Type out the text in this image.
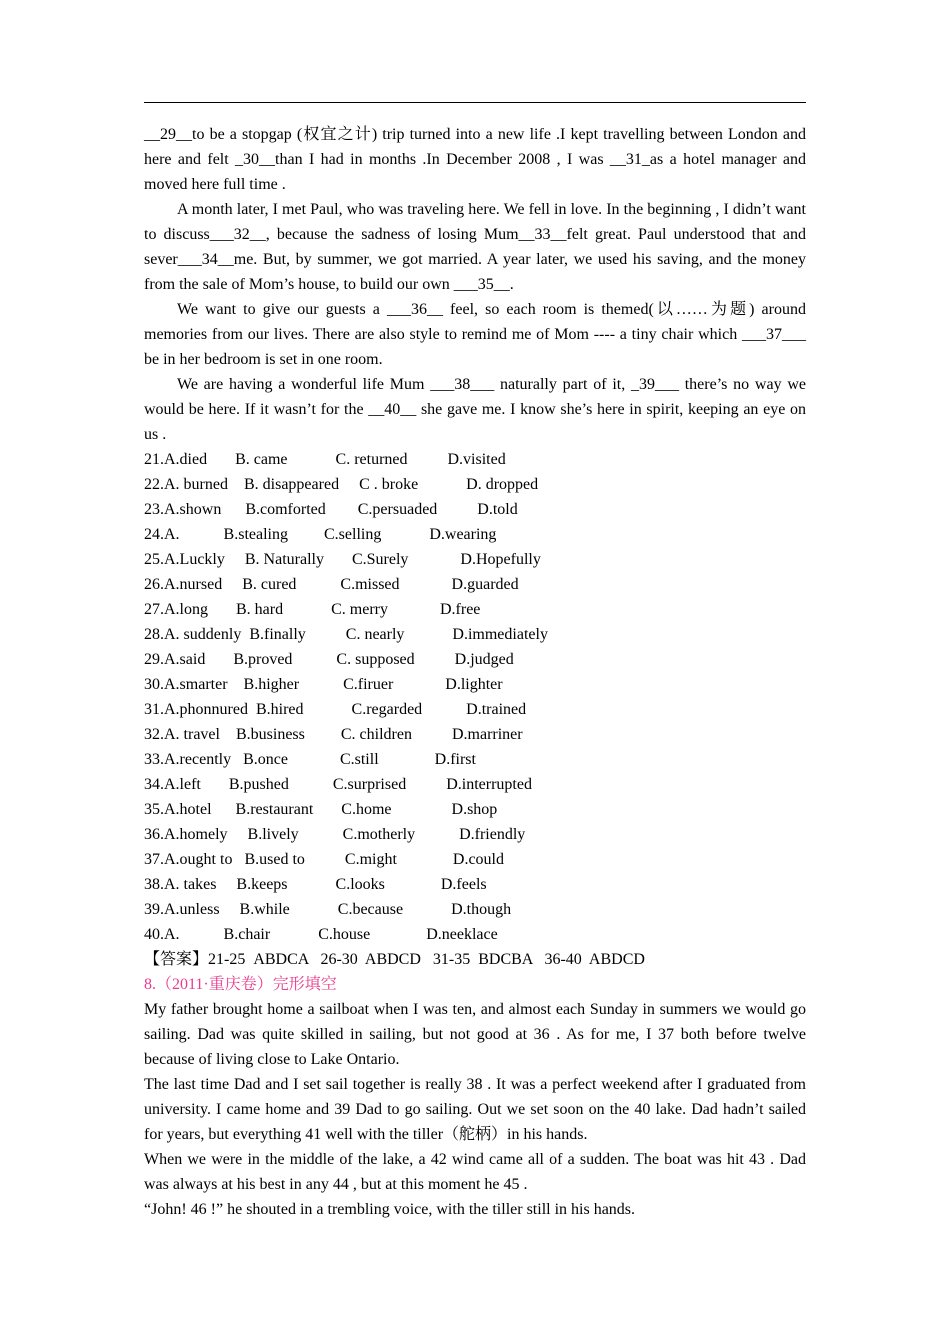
__29__to be a stopgap (权宜之计) trip turned into a new life .I kept travelling between London and here and felt _30__than I had in months .In December 2008 , I was __31_as a hotel manager and moved here full time .

A month later, I met Paul, who was traveling here. We fell in love. In the beginning , I didn’t want to discuss___32__, because the sadness of losing Mum__33__felt great. Paul understood that and sever___34__me. But, by summer, we got married. A year later, we used his saving, and the money from the sale of Mom’s house, to build our own ___35__.

We want to give our guests a ___36__ feel, so each room is themed(以……为题) around memories from our lives. There are also style to remind me of Mom ---- a tiny chair which ___37___ be in her bedroom is set in one room.

We are having a wonderful life Mum ___38___ naturally part of it, _39___ there’s no way we would be here. If it wasn’t for the __40__ she gave me. I know she’s here in spirit, keeping an eye on us .

21.A.died       B. came            C. returned          D.visited

22.A. burned    B. disappeared     C . broke            D. dropped

23.A.shown      B.comforted        C.persuaded          D.told

24.A.           B.stealing         C.selling            D.wearing

25.A.Luckly     B. Naturally       C.Surely             D.Hopefully

26.A.nursed     B. cured           C.missed             D.guarded

27.A.long       B. hard            C. merry             D.free

28.A. suddenly  B.finally          C. nearly            D.immediately

29.A.said       B.proved           C. supposed          D.judged

30.A.smarter    B.higher           C.firuer             D.lighter

31.A.phonnured  B.hired            C.regarded           D.trained

32.A. travel    B.business         C. children          D.marriner

33.A.recently   B.once             C.still              D.first

34.A.left       B.pushed           C.surprised          D.interrupted

35.A.hotel      B.restaurant       C.home               D.shop

36.A.homely     B.lively           C.motherly           D.friendly

37.A.ought to   B.used to          C.might              D.could

38.A. takes     B.keeps            C.looks              D.feels

39.A.unless     B.while            C.because            D.though

40.A.           B.chair            C.house              D.neeklace

【答案】21-25  ABDCA   26-30  ABDCD   31-35  BDCBA   36-40  ABDCD

8.（2011·重庆卷）完形填空

My father brought home a sailboat when I was ten, and almost each Sunday in summers we would go sailing. Dad was quite skilled in sailing, but not good at 36 . As for me, I 37 both before twelve because of living close to Lake Ontario.

The last time Dad and I set sail together is really 38 . It was a perfect weekend after I graduated from university. I came home and 39 Dad to go sailing. Out we set soon on the 40 lake. Dad hadn’t sailed for years, but everything 41 well with the tiller（舵柄）in his hands.

When we were in the middle of the lake, a 42 wind came all of a sudden. The boat was hit 43 . Dad was always at his best in any 44 , but at this moment he 45 .

“John! 46 !” he shouted in a trembling voice, with the tiller still in his hands.
